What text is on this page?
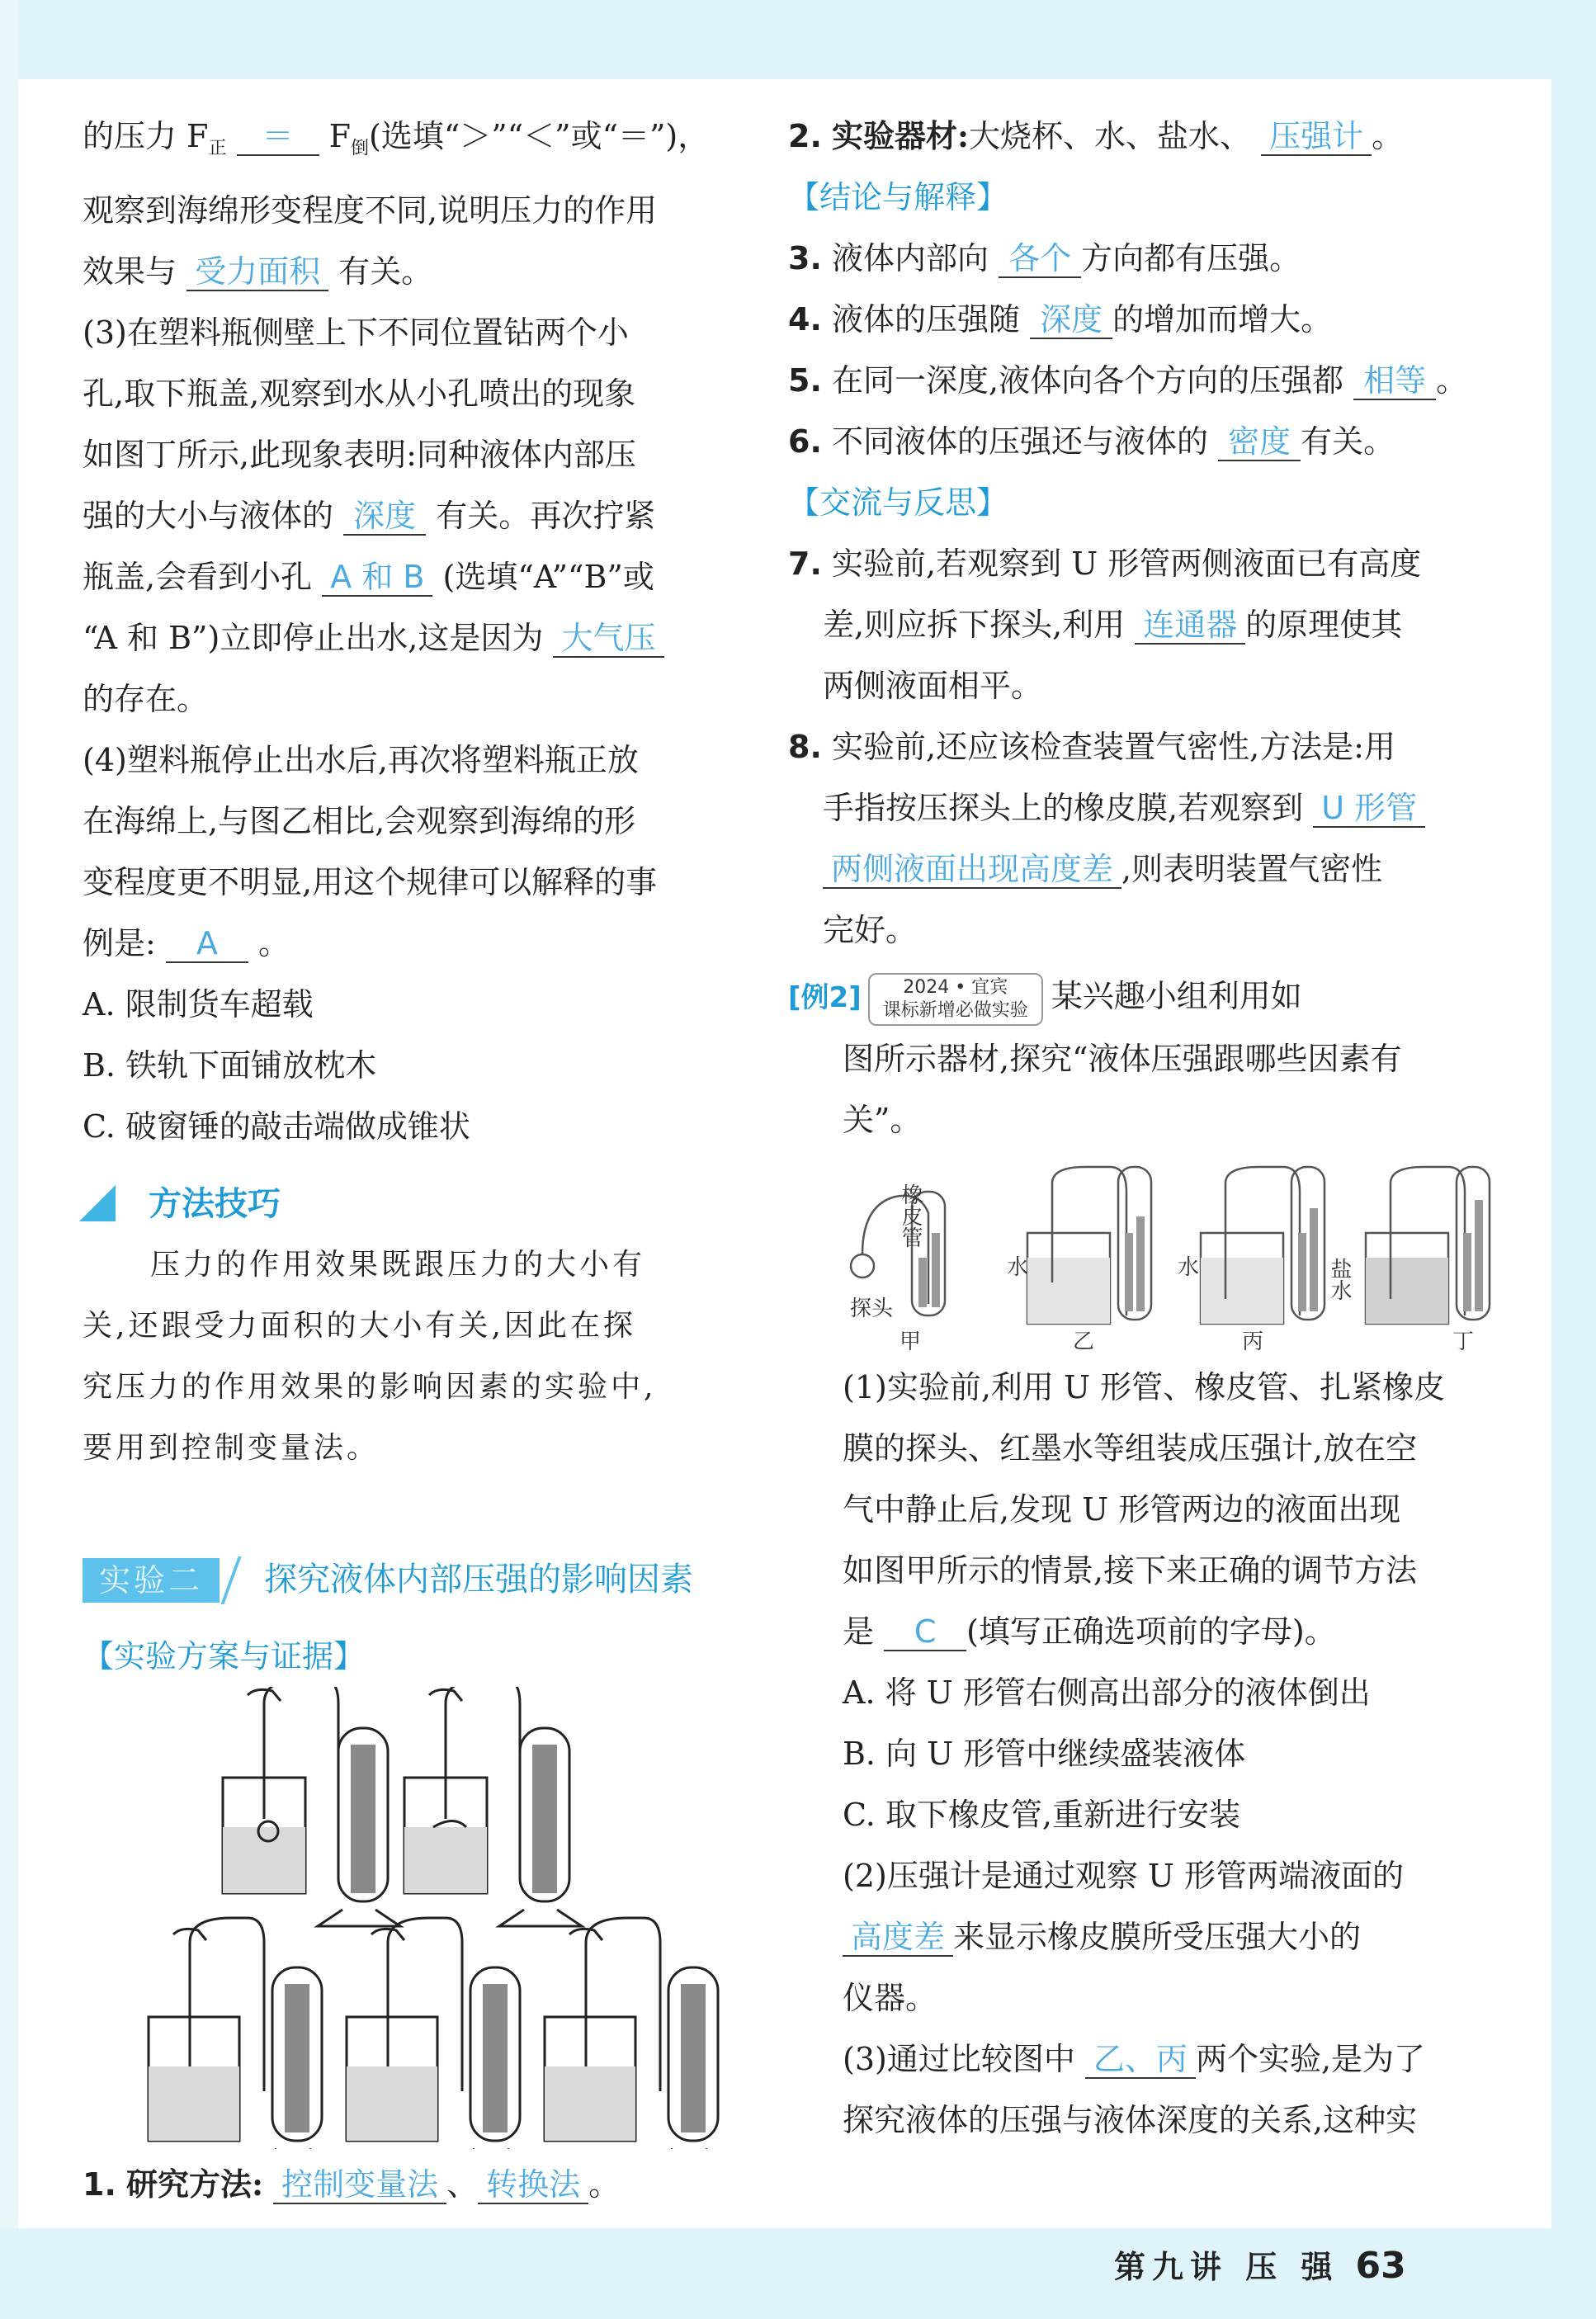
的压力 $F_正 = F_倒$(选填“＞”“＜”或“＝”)，
观察到海绵形变程度不同,说明压力的作用
效果与 受力面积 有关。
(3)在塑料瓶侧壁上下不同位置钻两个小
孔,取下瓶盖,观察到水从小孔喷出的现象
如图丁所示,此现象表明:同种液体内部压
强的大小与液体的 深度 有关。再次拧紧
瓶盖,会看到小孔 A 和 B (选填“A”“B”或
“A 和 B”)立即停止出水,这是因为 大气压
的存在。
(4)塑料瓶停止出水后,再次将塑料瓶正放
在海绵上,与图乙相比,会观察到海绵的形
变程度更不明显,用这个规律可以解释的事
例是: A 。
A. 限制货车超载
B. 铁轨下面铺放枕木
C. 破窗锤的敲击端做成锥状
方法技巧
压力的作用效果既跟压力的大小有
关,还跟受力面积的大小有关,因此在探
究压力的作用效果的影响因素的实验中,
要用到控制变量法。
实验二	探究液体内部压强的影响因素
【实验方案与证据】
1. 研究方法: 控制变量法 、 转换法 。
2. 实验器材:大烧杯、水、盐水、 压强计 。
【结论与解释】
3. 液体内部向 各个 方向都有压强。
4. 液体的压强随 深度 的增加而增大。
5. 在同一深度,液体向各个方向的压强都 相等 。
6. 不同液体的压强还与液体的 密度 有关。
【交流与反思】
7. 实验前,若观察到 U 形管两侧液面已有高度
差,则应拆下探头,利用 连通器 的原理使其
两侧液面相平。
8. 实验前,还应该检查装置气密性,方法是:用
手指按压探头上的橡皮膜,若观察到 U 形管
两侧液面出现高度差 ,则表明装置气密性
完好。
[例2] 2024 • 宜宾
课标新增必做实验 某兴趣小组利用如
图所示器材,探究“液体压强跟哪些因素有
关”。
橡皮管
探头
甲
水
乙
水
丙
盐水
丁
(1)实验前,利用 U 形管、橡皮管、扎紧橡皮
膜的探头、红墨水等组装成压强计,放在空
气中静止后,发现 U 形管两边的液面出现
如图甲所示的情景,接下来正确的调节方法
是 C (填写正确选项前的字母)。
A. 将 U 形管右侧高出部分的液体倒出
B. 向 U 形管中继续盛装液体
C. 取下橡皮管,重新进行安装
(2)压强计是通过观察 U 形管两端液面的
高度差 来显示橡皮膜所受压强大小的
仪器。
(3)通过比较图中 乙、丙 两个实验,是为了
探究液体的压强与液体深度的关系,这种实
第九讲 压 强 63
